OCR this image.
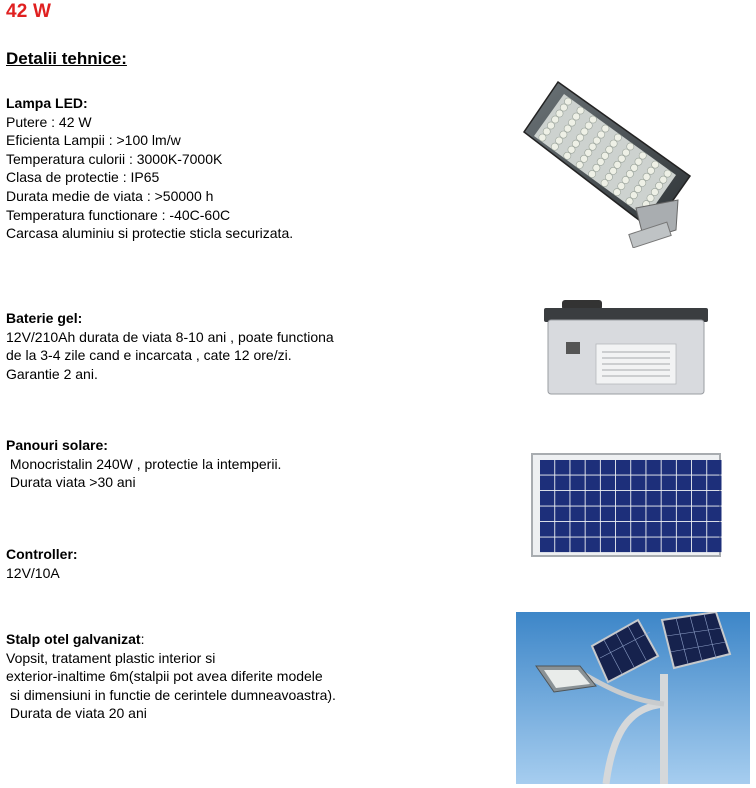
42 W
Detalii tehnice:
Lampa LED:
Putere : 42 W
Eficienta Lampii : >100 lm/w
Temperatura culorii : 3000K-7000K
Clasa de protectie : IP65
Durata medie de viata : >50000 h
Temperatura functionare : -40C-60C
Carcasa aluminiu si protectie sticla securizata.
Baterie gel:
12V/210Ah durata de viata 8-10 ani , poate functiona
de la 3-4 zile cand e incarcata , cate 12 ore/zi.
Garantie 2 ani.
Panouri solare:
Monocristalin 240W , protectie la intemperii.
Durata viata >30 ani
Controller:
12V/10A
Stalp otel galvanizat:
Vopsit, tratament plastic interior si
exterior-inaltime 6m(stalpii pot avea diferite modele
si dimensiuni in functie de cerintele dumneavoastra).
Durata de viata 20 ani
